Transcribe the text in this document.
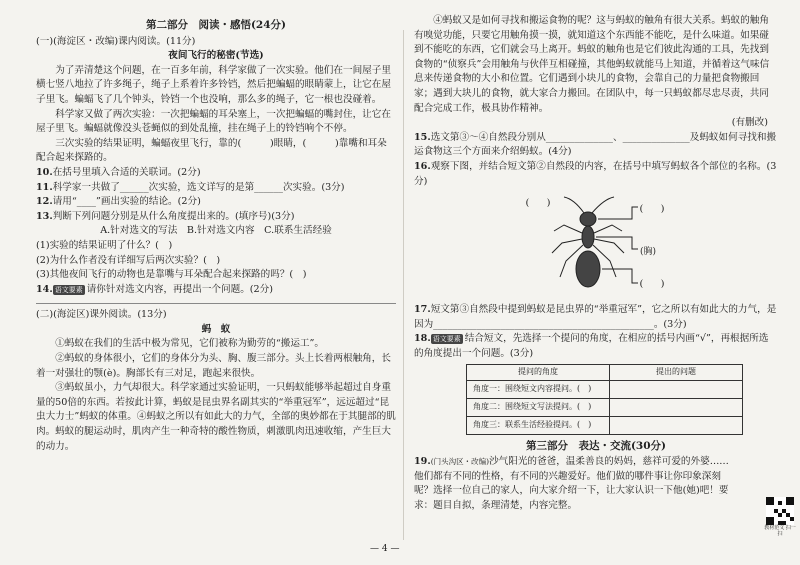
第二部分　阅读・感悟(24分)

(一)(海淀区・改编)课内阅读。(11分)

夜间飞行的秘密(节选)

为了弄清楚这个问题，在一百多年前，科学家做了一次实验。他们在一间屋子里横七竖八地拉了许多绳子，绳子上系着许多铃铛，然后把蝙蝠的眼睛蒙上，让它在屋子里飞。蝙蝠飞了几个钟头，铃铛一个也没响，那么多的绳子，它一根也没碰着。

科学家又做了两次实验：一次把蝙蝠的耳朵塞上，一次把蝙蝠的嘴封住，让它在屋子里飞。蝙蝠就像没头苍蝇似的到处乱撞，挂在绳子上的铃铛响个不停。

三次实验的结果证明，蝙蝠夜里飞行，靠的(　　　)眼睛，(　　　)靠嘴和耳朵配合起来探路的。

10.在括号里填入合适的关联词。(2分)

11.科学家一共做了______次实验，选文详写的是第______次实验。(3分)

12.请用“____”画出实验的结论。(2分)

13.判断下列问题分别是从什么角度提出来的。(填序号)(3分)

A.针对选文的写法　B.针对选文内容　C.联系生活经验

(1)实验的结果证明了什么？(　)

(2)为什么作者没有详细写后两次实验？(　)

(3)其他夜间飞行的动物也是靠嘴与耳朵配合起来探路的吗？(　)

14. 语文要素 请你针对选文内容，再提出一个问题。(2分)

(二)(海淀区)课外阅读。(13分)

蚂　蚁

①蚂蚁在我们的生活中极为常见，它们被称为勤劳的“搬运工”。

②蚂蚁的身体很小，它们的身体分为头、胸、腹三部分。头上长着两根触角，长着一对强壮的颚(è)。胸部长有三对足，跑起来很快。

③蚂蚁虽小，力气却很大。科学家通过实验证明，一只蚂蚁能够举起超过自身重量的50倍的东西。若按此计算，蚂蚁是昆虫界名副其实的“举重冠军”，远远超过“昆虫大力士”蚂蚁的体重。④蚂蚁之所以有如此大的力气，全部的奥妙都在于其腿部的肌肉。蚂蚁的腿运动时，肌肉产生一种奇特的酸性物质，刺激肌肉迅速收缩，产生巨大的动力。

④蚂蚁又是如何寻找和搬运食物的呢？这与蚂蚁的触角有很大关系。蚂蚁的触角有嗅觉功能，只要它用触角摸一摸，就知道这个东西能不能吃，是什么味道。如果碰到不能吃的东西，它们就会马上离开。蚂蚁的触角也是它们彼此沟通的工具，先找到食物的“侦察兵”会用触角与伙伴互相碰撞，其他蚂蚁就能马上知道，并循着这气味信息来传递食物的大小和位置。它们遇到小块儿的食物，会靠自己的力量把食物搬回家；遇到大块儿的食物，就大家合力搬回。在团队中，每一只蚂蚁都尽忠尽责，共同配合完成工作，极具协作精神。

(有删改)

15.选文第③～④自然段分别从______________、______________及蚂蚁如何寻找和搬运食物这三个方面来介绍蚂蚁。(4分)

16.观察下图，并结合短文第②自然段的内容，在括号中填写蚂蚁各个部位的名称。(3分)

(　　)
(　　)
(　　)
(胸)

17.短文第③自然段中提到蚂蚁是昆虫界的“举重冠军”，它之所以有如此大的力气，是因为______________________________________________。(3分)

18. 语文要素 结合短文，先选择一个提问的角度，在相应的括号内画“√”，再根据所选的角度提出一个问题。(3分)

提问的角度	提出的问题
角度一：围绕短文内容提问。(　)	
角度二：围绕短文写法提问。(　)	
角度三：联系生活经验提问。(　)	
第三部分　表达・交流(30分)

19.(门头沟区・改编)沙气阳光的爸爸，温柔善良的妈妈，慈祥可爱的外婆……他们都有不同的性格，有不同的兴趣爱好。他们做的哪件事让你印象深刻呢？选择一位自己的家人，向大家介绍一下，让大家认识一下他(她)吧！要求：题目自拟，条理清楚，内容完整。

教材范文 扫一扫
— 4 —
